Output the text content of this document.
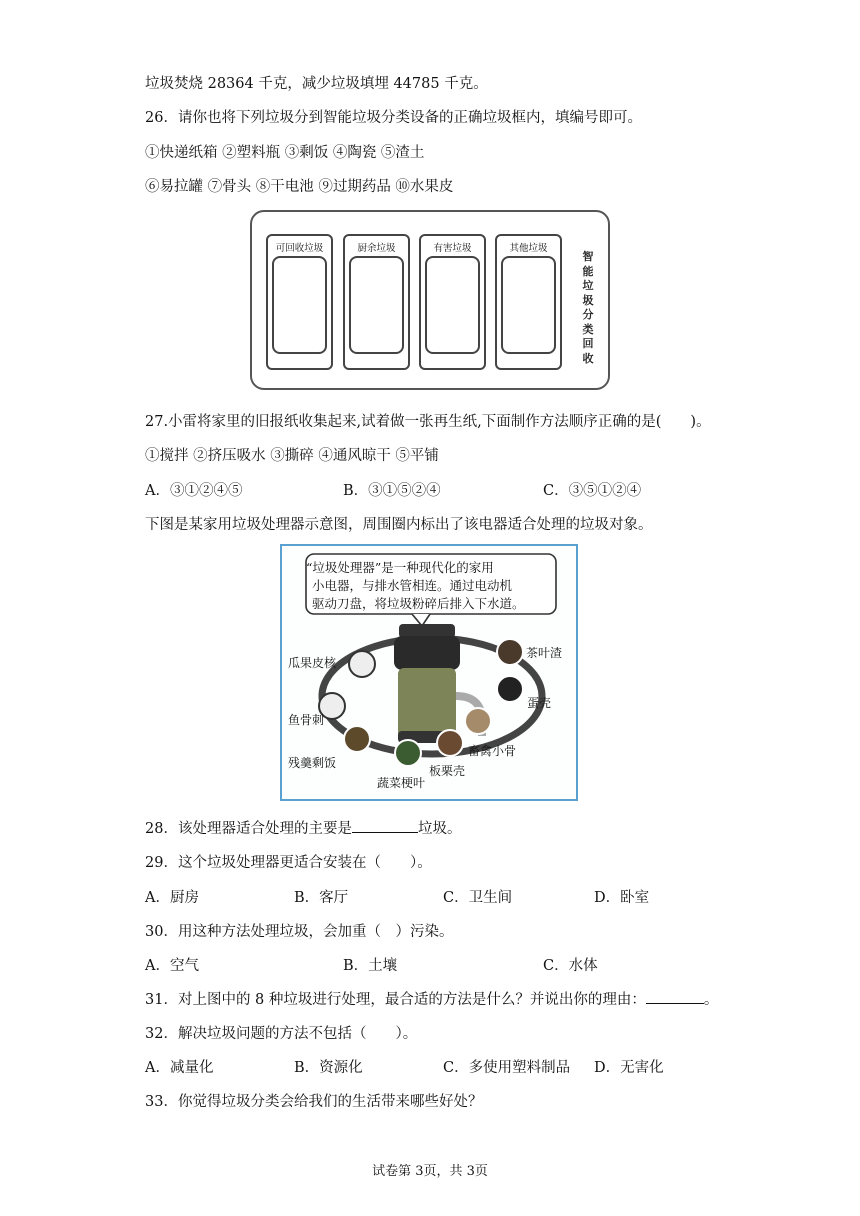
垃圾焚烧 28364 千克，减少垃圾填埋 44785 千克。
26．请你也将下列垃圾分到智能垃圾分类设备的正确垃圾框内，填编号即可。
①快递纸箱 ②塑料瓶 ③剩饭 ④陶瓷 ⑤渣土
⑥易拉罐 ⑦骨头 ⑧干电池 ⑨过期药品 ⑩水果皮
可回收垃圾	厨余垃圾	有害垃圾	其他垃圾
智能垃圾分类回收
27.小雷将家里的旧报纸收集起来,试着做一张再生纸,下面制作方法顺序正确的是(　　)。
①搅拌 ②挤压吸水 ③撕碎 ④通风晾干 ⑤平铺
A．③①②④⑤	B．③①⑤②④	C．③⑤①②④
下图是某家用垃圾处理器示意图，周围圈内标出了该电器适合处理的垃圾对象。
“垃圾处理器”是一种现代化的家用
小电器，与排水管相连。通过电动机
驱动刀盘，将垃圾粉碎后排入下水道。
茶叶渣
蛋壳
畜禽小骨
板栗壳
蔬菜梗叶
残羹剩饭
鱼骨刺
瓜果皮核
28．该处理器适合处理的主要是	垃圾。
29．这个垃圾处理器更适合安装在（　　）。
A．厨房	B．客厅	C．卫生间	D．卧室
30．用这种方法处理垃圾，会加重（　）污染。
A．空气	B．土壤	C．水体
31．对上图中的 8 种垃圾进行处理，最合适的方法是什么？并说出你的理由：	。
32．解决垃圾问题的方法不包括（　　）。
A．减量化	B．资源化	C．多使用塑料制品 D．无害化
33．你觉得垃圾分类会给我们的生活带来哪些好处？
试卷第 3页，共 3页
